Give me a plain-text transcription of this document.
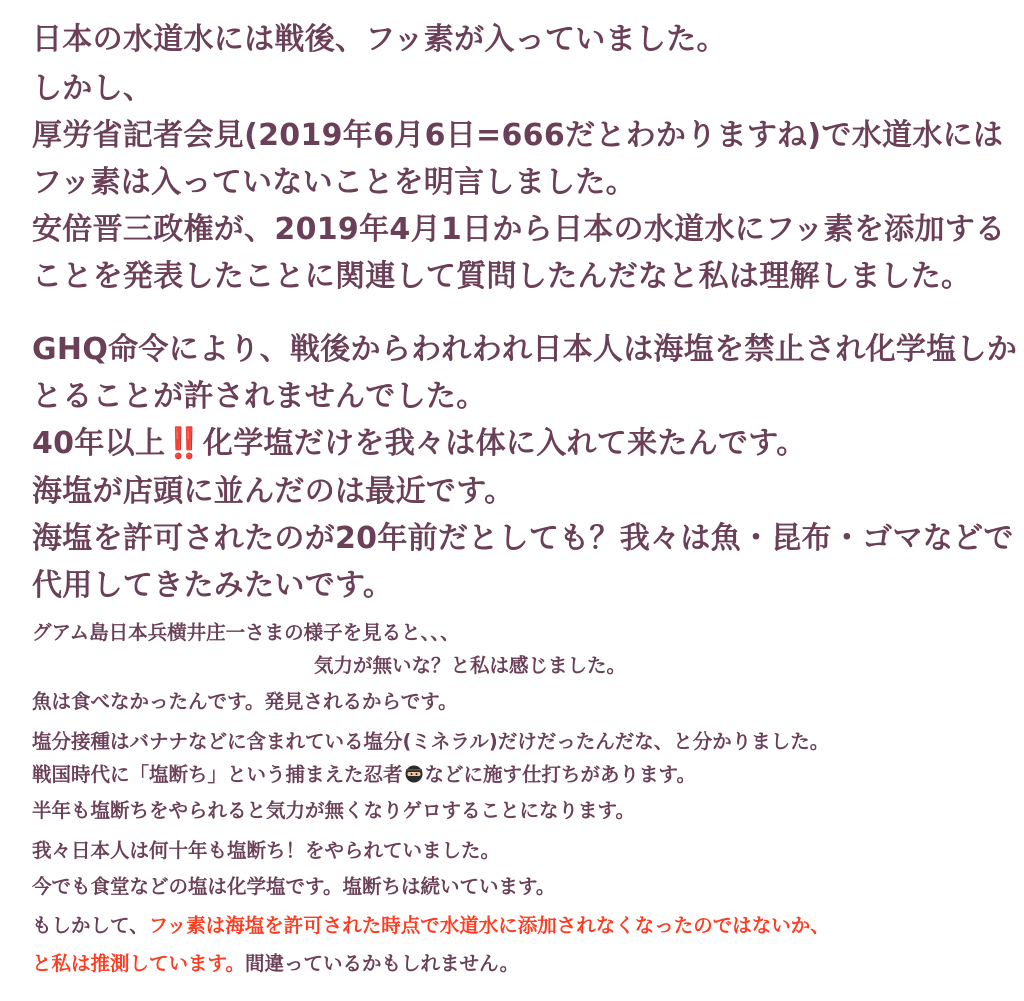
日本の水道水には戦後、フッ素が入っていました。
しかし、
厚労省記者会見(2019年6月6日=666だとわかりますね)で水道水には
フッ素は入っていないことを明言しました。
安倍晋三政権が、2019年4月1日から日本の水道水にフッ素を添加する
ことを発表したことに関連して質問したんだなと私は理解しました。
GHQ命令により、戦後からわれわれ日本人は海塩を禁止され化学塩しか
とることが許されませんでした。
40年以上‼️化学塩だけを我々は体に入れて来たんです。
海塩が店頭に並んだのは最近です。
海塩を許可されたのが20年前だとしても？我々は魚・昆布・ゴマなどで
代用してきたみたいです。
グアム島日本兵横井庄一さまの様子を見ると、、、
気力が無いな？と私は感じました。
魚は食べなかったんです。発見されるからです。
塩分接種はバナナなどに含まれている塩分(ミネラル)だけだったんだな、と分かりました。
戦国時代に「塩断ち」という捕まえた忍者 などに施す仕打ちがあります。
半年も塩断ちをやられると気力が無くなりゲロすることになります。
我々日本人は何十年も塩断ち！をやられていました。
今でも食堂などの塩は化学塩です。塩断ちは続いています。
もしかして、フッ素は海塩を許可された時点で水道水に添加されなくなったのではないか、
と私は推測しています。間違っているかもしれません。
